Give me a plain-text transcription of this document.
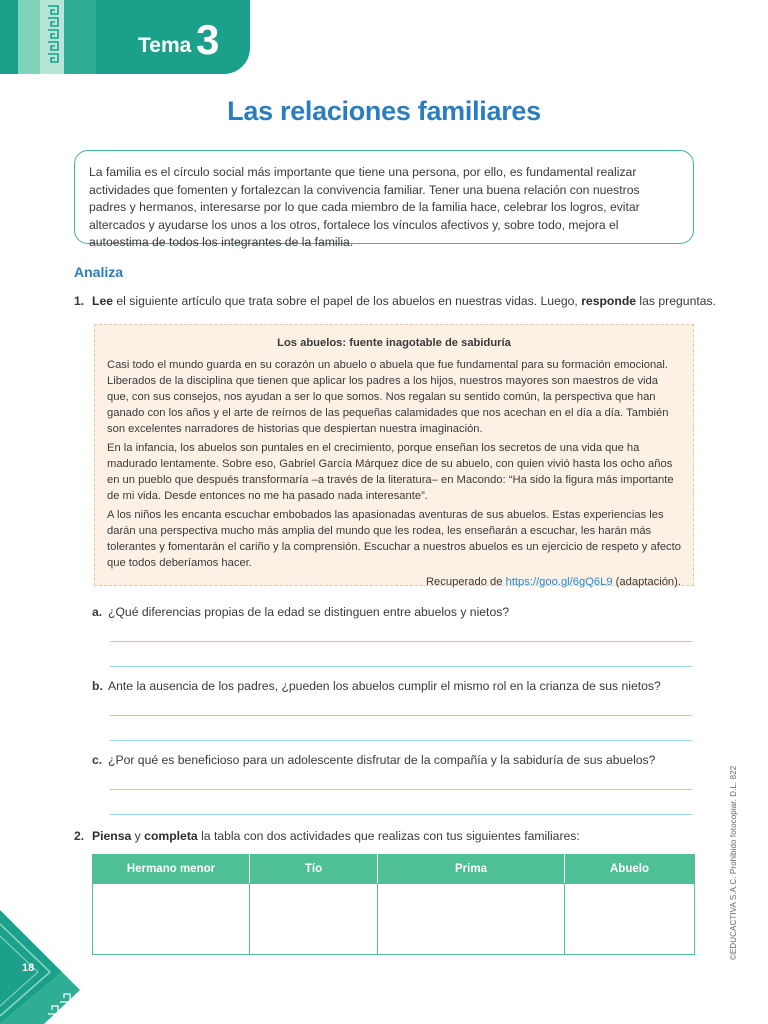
Tema 3
Las relaciones familiares
La familia es el círculo social más importante que tiene una persona, por ello, es fundamental realizar actividades que fomenten y fortalezcan la convivencia familiar. Tener una buena relación con nuestros padres y hermanos, interesarse por lo que cada miembro de la familia hace, celebrar los logros, evitar altercados y ayudarse los unos a los otros, fortalece los vínculos afectivos y, sobre todo, mejora el autoestima de todos los integrantes de la familia.
Analiza
1. Lee el siguiente artículo que trata sobre el papel de los abuelos en nuestras vidas. Luego, responde las preguntas.
Los abuelos: fuente inagotable de sabiduría

Casi todo el mundo guarda en su corazón un abuelo o abuela que fue fundamental para su formación emocional. Liberados de la disciplina que tienen que aplicar los padres a los hijos, nuestros mayores son maestros de vida que, con sus consejos, nos ayudan a ser lo que somos. Nos regalan su sentido común, la perspectiva que han ganado con los años y el arte de reírnos de las pequeñas calamidades que nos acechan en el día a día. También son excelentes narradores de historias que despiertan nuestra imaginación.

En la infancia, los abuelos son puntales en el crecimiento, porque enseñan los secretos de una vida que ha madurado lentamente. Sobre eso, Gabriel García Márquez dice de su abuelo, con quien vivió hasta los ocho años en un pueblo que después transformaría –a través de la literatura– en Macondo: “Ha sido la figura más importante de mi vida. Desde entonces no me ha pasado nada interesante”.

A los niños les encanta escuchar embobados las apasionadas aventuras de sus abuelos. Estas experiencias les darán una perspectiva mucho más amplia del mundo que les rodea, les enseñarán a escuchar, les harán más tolerantes y fomentarán el cariño y la comprensión. Escuchar a nuestros abuelos es un ejercicio de respeto y afecto que todos deberíamos hacer.

Recuperado de https://goo.gl/6gQ6L9 (adaptación).
a. ¿Qué diferencias propias de la edad se distinguen entre abuelos y nietos?
b. Ante la ausencia de los padres, ¿pueden los abuelos cumplir el mismo rol en la crianza de sus nietos?
c. ¿Por qué es beneficioso para un adolescente disfrutar de la compañía y la sabiduría de sus abuelos?
2. Piensa y completa la tabla con dos actividades que realizas con tus siguientes familiares:
Hermano menor	Tío	Prima	Abuelo
				©EDUCACTIVA S.A.C. Prohibido fotocopiar. D.L. 822
18
